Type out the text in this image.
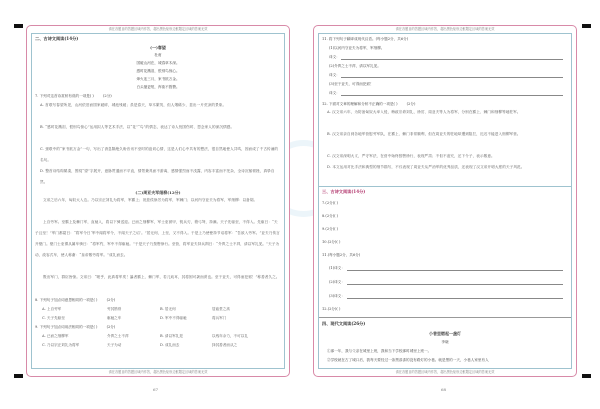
请在各题目的答题区域内作答，超出黑色矩形边框限定区域的答案无效
二、古诗文阅读(14分)
(一)春望
杜甫
国破山河在，城春草木深。
感时花溅泪，恨别鸟惊心。
烽火连三月，家书抵万金。
白头搔更短，浑欲不胜簪。
7. 下列对这首诗赏析有误的一项是( )	(2分)
A. 首联写春望所见，山河依旧而国家破碎，城池残破；虽是春天，草木繁茂，但人烟稀少，显出一片荒凉的景象。
B. “感时花溅泪，恨别鸟惊心”运用拟人等艺术手法，以“花”“鸟”的情态，表达了诗人忧国伤时、思念家人的深沉情感。
C. 颈联中的“家书抵万金”一句，写出了消息隔绝久盼音讯不至时的迫切心情，这是人们心中共有的想法，很自然地使人共鸣，因而成了千古传诵的名句。
D. 整首诗结构紧凑，围绕“望”字展开，意脉贯通而不平直，情景兼具而不游离，感情强烈而不浅露，内容丰富而不芜杂，全诗沉郁顿挫，真挚自然。
(二)周亚夫军细柳(12分)
文帝之后六年，匈奴大入边。乃以宗正刘礼为将军，军霸上；祝兹侯徐厉为将军，军棘门；以河内守亚夫为将军，军细柳：以备胡。
上自劳军。至霸上及棘门军，直驰入，将以下骑送迎。已而之细柳军，军士吏被甲，锐兵刃，彀弓弩，持满。天子先驱至，不得入。先驱曰：“天子且至！”军门都尉曰：“将军令曰‘军中闻将军令，不闻天子之诏’。”居无何，上至，又不得入。于是上乃使使持节诏将军：“吾欲入劳军。”亚夫乃传言开壁门。壁门士吏谓从属车骑曰：“将军约，军中不得驱驰。”于是天子乃按辔徐行。至营，将军亚夫持兵揖曰：“介胄之士不拜，请以军礼见。”天子为动，改容式车，使人称谢：“皇帝敬劳将军。”成礼而去。
既出军门，群臣皆惊。文帝曰：“嗟乎，此真将军矣！曩者霸上、棘门军，若儿戏耳，其将固可袭而虏也。至于亚夫，可得而犯邪！”称善者久之。
8. 下列句子加点词意思相同的一项是( )	(2分)
A. 上自劳军	劳其筋骨	B. 居无何	居庙堂之高
C. 天子先驱至	驱驰之车	D. 军中不得驱驰	将兵军门
9. 下列句子加点词用法相同的一项是( )	(2分)
A. 已而之细柳军	介胄之士不拜	B. 请以军礼见	以残年余力，不可以礼
C. 乃以宗正刘礼为将军	天子为动	D. 成礼而去	择其善者而从之
请在各题目的答题区域内作答，超出黑色矩形边框限定区域的答案无效
请在各题目的答题区域内作答，超出黑色矩形边框限定区域的答案无效
11. 将下列句子翻译成现代汉语。(每小题2分，共6分)
(1)以河内守亚夫为将军，军细柳。
译文：
(2)介胄之士不拜，请以军礼见。
译文：
(3)至于亚夫，可得而犯邪！
译文：
12. 下面对文章的理解和分析不正确的一项是( )	(2分)
A. 汉文帝六年，为防备匈奴大举入侵，梅政宗命刘礼、徐厉、周亚夫等人为将军，分别在霸上、棘门和细柳等地驻军。
B. 汉文帝亲自到各地军营慰劳军队，在霸上、棘门非常顺利，但在周亚夫的驻地却遭到阻拦，迟迟不能进入细柳军营。
C. 汉文帝深明大义，严守军法，在营中始终按辔徐行，表现严肃；不但不追究，还下令子，表示敬意。
D. 本文运用对比手法和典型的细节描写，不仅表现了周亚夫从严治军的优秀品质，还表现了汉文帝开明大度的天子风范。
三、古诗文阅读(14分)
7.(2分)( )
8.(2分)( )
9.(2分)( )
10.(2分)( )
11.(每小题2分，共6分)
(1)译文：
(2)译文：
(3)译文：
12.(2分)( )
四、现代文阅读(26分)
小巷里燃起一盏灯
李晓
①那一年，我与父亲在城里上班，我和当下学校那时城里上班一。
②学校就在古了城口后，我每天要经过一条黑漆漆的没有路灯的小巷。就是黑的一天，小巷人家里有人
请在各题目的答题区域内作答，超出黑色矩形边框限定区域的答案无效
67	68
